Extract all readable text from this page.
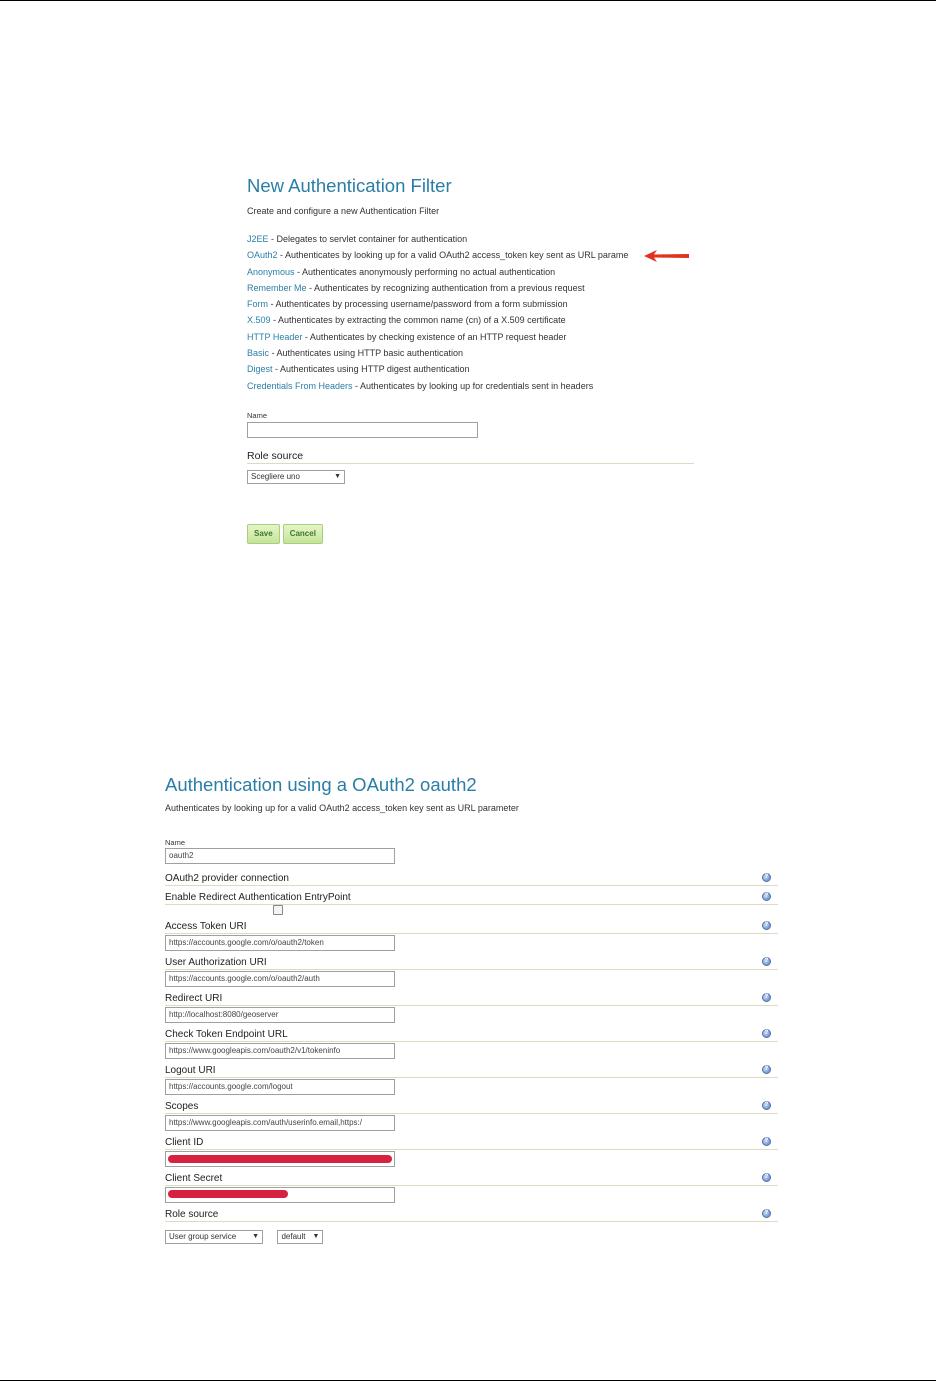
New Authentication Filter
Create and configure a new Authentication Filter
J2EE - Delegates to servlet container for authentication
OAuth2 - Authenticates by looking up for a valid OAuth2 access_token key sent as URL parame
Anonymous - Authenticates anonymously performing no actual authentication
Remember Me - Authenticates by recognizing authentication from a previous request
Form - Authenticates by processing username/password from a form submission
X.509 - Authenticates by extracting the common name (cn) of a X.509 certificate
HTTP Header - Authenticates by checking existence of an HTTP request header
Basic - Authenticates using HTTP basic authentication
Digest - Authenticates using HTTP digest authentication
Credentials From Headers - Authenticates by looking up for credentials sent in headers
Name
Role source
Scegliere uno	▼
Save Cancel
Authentication using a OAuth2 oauth2
Authenticates by looking up for a valid OAuth2 access_token key sent as URL parameter
Name
oauth2
OAuth2 provider connection	?
Enable Redirect Authentication EntryPoint	?
Access Token URI	?
https://accounts.google.com/o/oauth2/token
User Authorization URI	?
https://accounts.google.com/o/oauth2/auth
Redirect URI	?
http://localhost:8080/geoserver
Check Token Endpoint URL	?
https://www.googleapis.com/oauth2/v1/tokeninfo
Logout URI	?
https://accounts.google.com/logout
Scopes	?
https://www.googleapis.com/auth/userinfo.email,https:/
Client ID	?
Client Secret	?
Role source	?
User group service ▼	default ▼
